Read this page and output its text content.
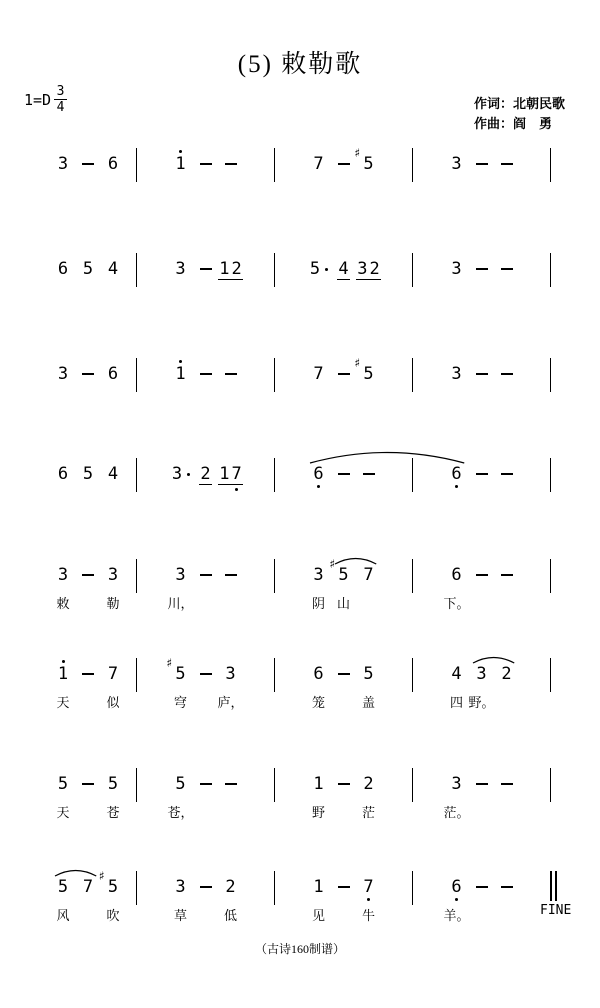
(5) 敕勒歌
$1=D \frac{3}{4}$	作词：北朝民歌
作曲：阎　勇
3 6	1	7 5
♯
3
6 5 4	3 1 2	5 4 3 2	3
3 6	1	7 5
♯
3
6 5 4	3 2 1 7	6	6
3
敕
3
勒
3
川，
3
阴
5
♯
山
7	6
下。
1
天
7
似
5
♯
穹
3
庐，
6
笼
5
盖
4
四
3
野。
2
5
天
5
苍
5
苍，
1
野
2
茫
3
茫。
5
风
7 5
♯
吹
3
草
2
低
1
见
7
牛
6
羊。	FINE
（古诗160制谱）
